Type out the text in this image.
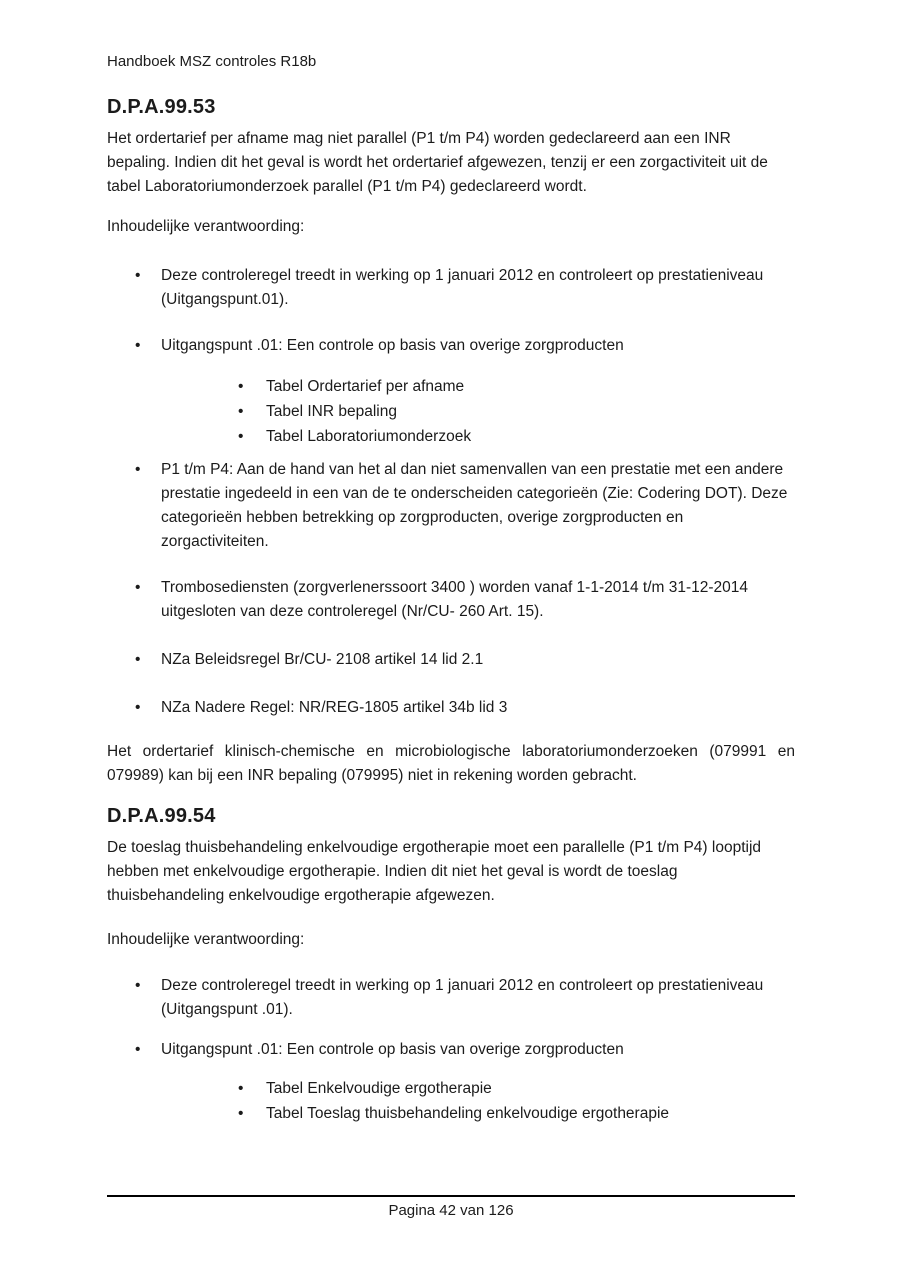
Handboek MSZ controles R18b
D.P.A.99.53

Het ordertarief per afname mag niet parallel (P1 t/m P4) worden gedeclareerd aan een INR bepaling. Indien dit het geval is wordt het ordertarief afgewezen, tenzij er een zorgactiviteit uit de tabel Laboratoriumonderzoek parallel (P1 t/m P4) gedeclareerd wordt.

Inhoudelijke verantwoording:

•	Deze controleregel treedt in werking op 1 januari 2012 en controleert op prestatieniveau (Uitgangspunt.01).
•	Uitgangspunt .01: Een controle op basis van overige zorgproducten
•	Tabel Ordertarief per afname
•	Tabel INR bepaling
•	Tabel Laboratoriumonderzoek
•	P1 t/m P4: Aan de hand van het al dan niet samenvallen van een prestatie met een andere prestatie ingedeeld in een van de te onderscheiden categorieën (Zie: Codering DOT). Deze categorieën hebben betrekking op zorgproducten, overige zorgproducten en zorgactiviteiten.
•	Trombosediensten (zorgverlenerssoort 3400 ) worden vanaf 1-1-2014 t/m 31-12-2014 uitgesloten van deze controleregel (Nr/CU- 260 Art. 15).
•	NZa Beleidsregel Br/CU- 2108 artikel 14 lid 2.1
•	NZa Nadere Regel: NR/REG-1805 artikel 34b lid 3

Het ordertarief klinisch-chemische en microbiologische laboratoriumonderzoeken (079991 en 079989) kan bij een INR bepaling (079995) niet in rekening worden gebracht.

D.P.A.99.54

De toeslag thuisbehandeling enkelvoudige ergotherapie moet een parallelle (P1 t/m P4) looptijd hebben met enkelvoudige ergotherapie. Indien dit niet het geval is wordt de toeslag thuisbehandeling enkelvoudige ergotherapie afgewezen.

Inhoudelijke verantwoording:

•	Deze controleregel treedt in werking op 1 januari 2012 en controleert op prestatieniveau (Uitgangspunt .01).
•	Uitgangspunt .01: Een controle op basis van overige zorgproducten
•	Tabel Enkelvoudige ergotherapie
•	Tabel Toeslag thuisbehandeling enkelvoudige ergotherapie
Pagina 42 van 126
